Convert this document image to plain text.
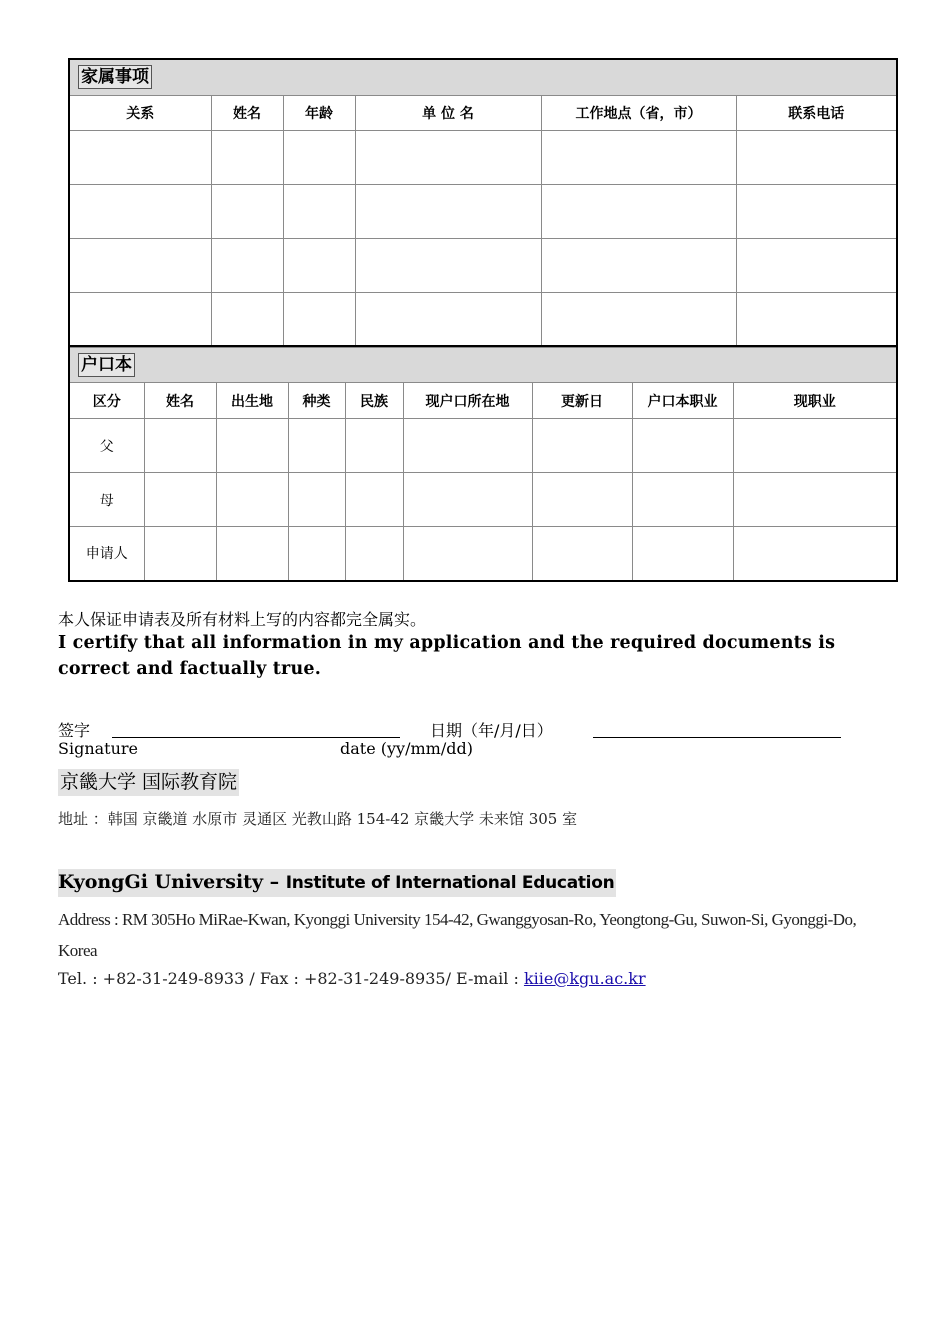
家属事项					
关系	姓名	年龄	单 位 名	工作地点（省，市）	联系电话

户口本								
区分	姓名	出生地	种类	民族	现户口所在地	更新日	户口本职业	现职业
父								
母								
申请人								
本人保证申请表及所有材料上写的内容都完全属实。
I certify that all information in my application and the required documents is correct and factually true.
签字	日期（年/月/日）
Signature	date (yy/mm/dd)
京畿大学 国际教育院
地址 ：韩国 京畿道 水原市 灵通区 光教山路 154-42 京畿大学 未来馆 305 室
KyongGi University – Institute of International Education
Address : RM 305Ho MiRae-Kwan, Kyonggi University 154-42, Gwanggyosan-Ro, Yeongtong-Gu, Suwon-Si, Gyonggi-Do, Korea
Tel. : +82-31-249-8933 / Fax : +82-31-249-8935/ E-mail : kiie@kgu.ac.kr
